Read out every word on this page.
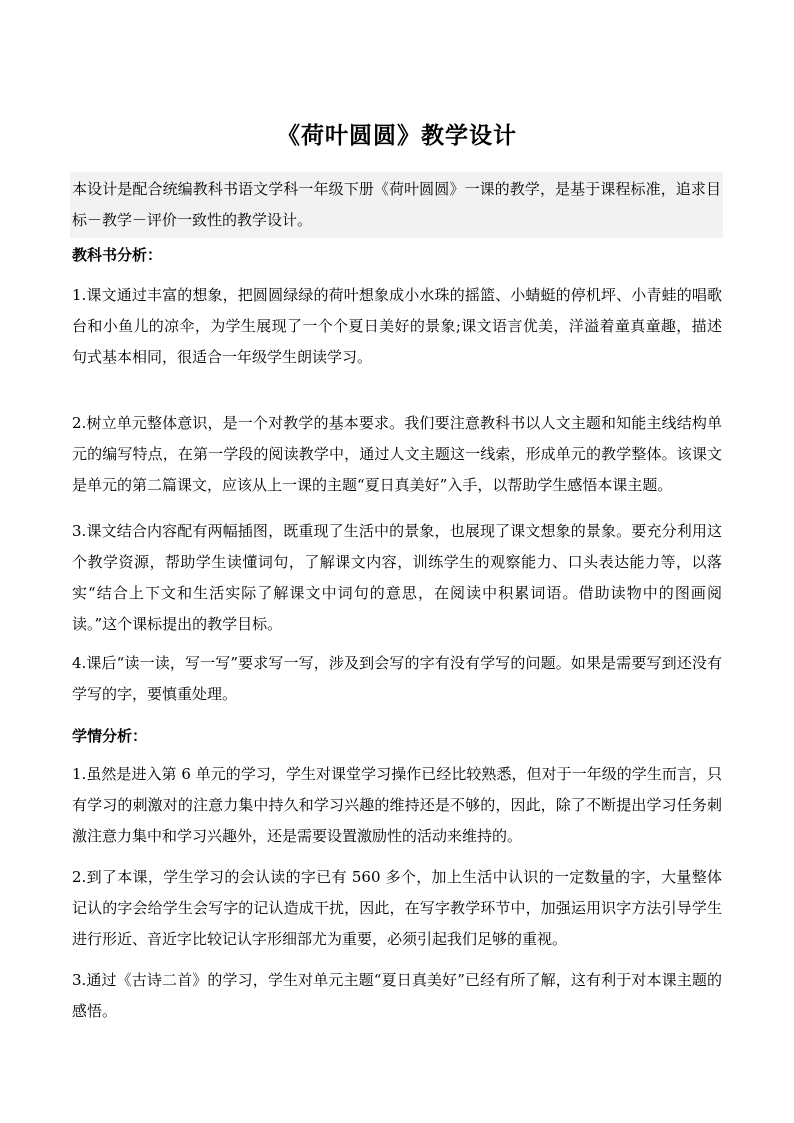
《荷叶圆圆》教学设计
本设计是配合统编教科书语文学科一年级下册《荷叶圆圆》一课的教学，是基于课程标准，追求目标－教学－评价一致性的教学设计。
教科书分析：
1.课文通过丰富的想象，把圆圆绿绿的荷叶想象成小水珠的摇篮、小蜻蜓的停机坪、小青蛙的唱歌台和小鱼儿的凉伞，为学生展现了一个个夏日美好的景象;课文语言优美，洋溢着童真童趣，描述句式基本相同，很适合一年级学生朗读学习。
2.树立单元整体意识，是一个对教学的基本要求。我们要注意教科书以人文主题和知能主线结构单元的编写特点，在第一学段的阅读教学中，通过人文主题这一线索，形成单元的教学整体。该课文是单元的第二篇课文，应该从上一课的主题“夏日真美好”入手，以帮助学生感悟本课主题。
3.课文结合内容配有两幅插图，既重现了生活中的景象，也展现了课文想象的景象。要充分利用这个教学资源，帮助学生读懂词句，了解课文内容，训练学生的观察能力、口头表达能力等，以落实“结合上下文和生活实际了解课文中词句的意思，在阅读中积累词语。借助读物中的图画阅读。”这个课标提出的教学目标。
4.课后“读一读，写一写”要求写一写，涉及到会写的字有没有学写的问题。如果是需要写到还没有学写的字，要慎重处理。
学情分析：
1.虽然是进入第 6 单元的学习，学生对课堂学习操作已经比较熟悉，但对于一年级的学生而言，只有学习的刺激对的注意力集中持久和学习兴趣的维持还是不够的，因此，除了不断提出学习任务刺激注意力集中和学习兴趣外，还是需要设置激励性的活动来维持的。
2.到了本课，学生学习的会认读的字已有 560 多个，加上生活中认识的一定数量的字，大量整体记认的字会给学生会写字的记认造成干扰，因此，在写字教学环节中，加强运用识字方法引导学生进行形近、音近字比较记认字形细部尤为重要，必须引起我们足够的重视。
3.通过《古诗二首》的学习，学生对单元主题“夏日真美好”已经有所了解，这有利于对本课主题的感悟。
